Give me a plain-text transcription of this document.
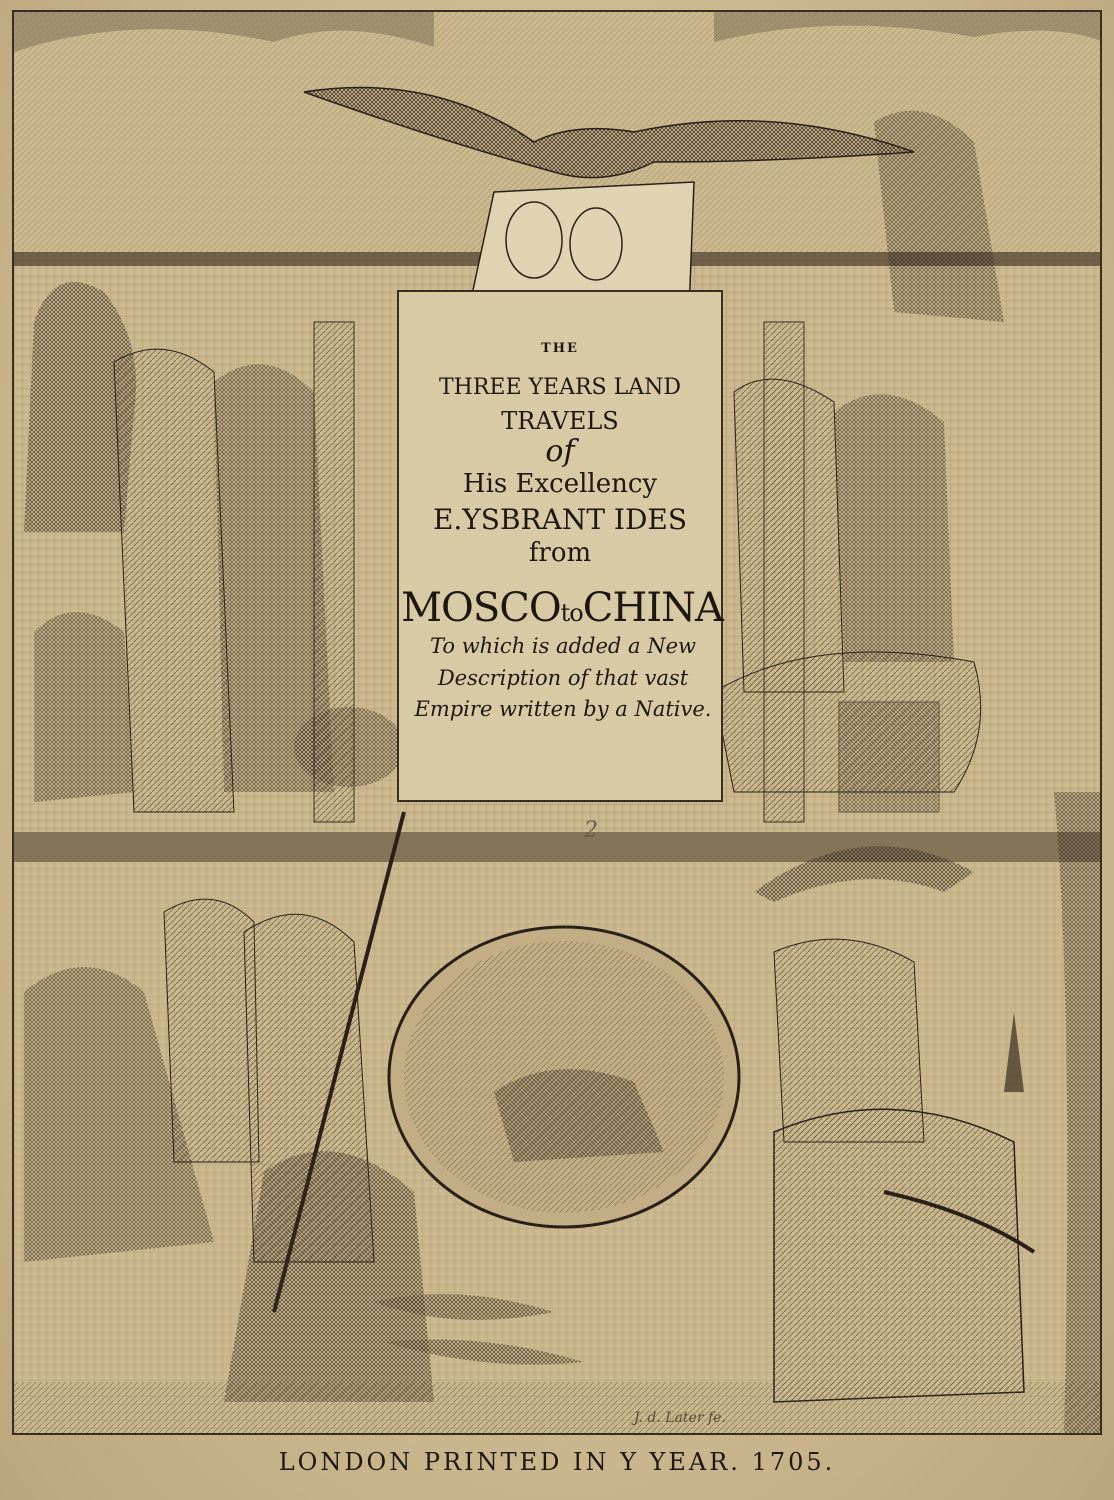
THE
THREE YEARS LAND
TRAVELS
of
His Excellency
E.YSBRANT IDES
from
MOSCOtoCHINA
To which is added a New
Description of that vast
Empire written by a Native.
2
J. d. Later fe.
LONDON PRINTED IN Y YEAR. 1705.
